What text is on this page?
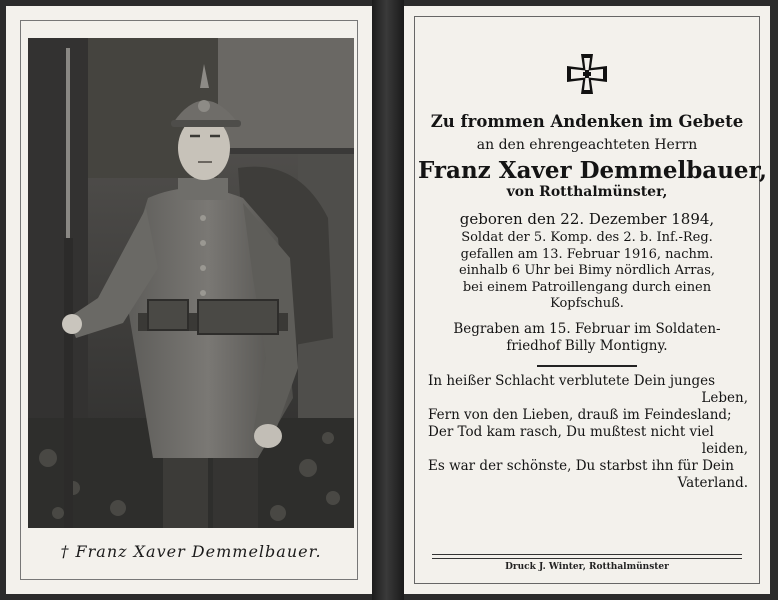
† Franz Xaver Demmelbauer.
Zu frommen Andenken im Gebete
an den ehrengeachteten Herrn
Franz Xaver Demmelbauer,
von Rotthalmünster,
geboren den 22. Dezember 1894,
Soldat der 5. Komp. des 2. b. Inf.-Reg.
gefallen am 13. Februar 1916, nachm.
einhalb 6 Uhr bei Bimy nördlich Arras,
bei einem Patroillengang durch einen
Kopfschuß.
Begraben am 15. Februar im Soldaten-
friedhof Billy Montigny.
In heißer Schlacht verblutete Dein junges
Leben,
Fern von den Lieben, drauß im Feindesland;
Der Tod kam rasch, Du mußtest nicht viel
leiden,
Es war der schönste, Du starbst ihn für Dein
Vaterland.
Druck J. Winter, Rotthalmünster
